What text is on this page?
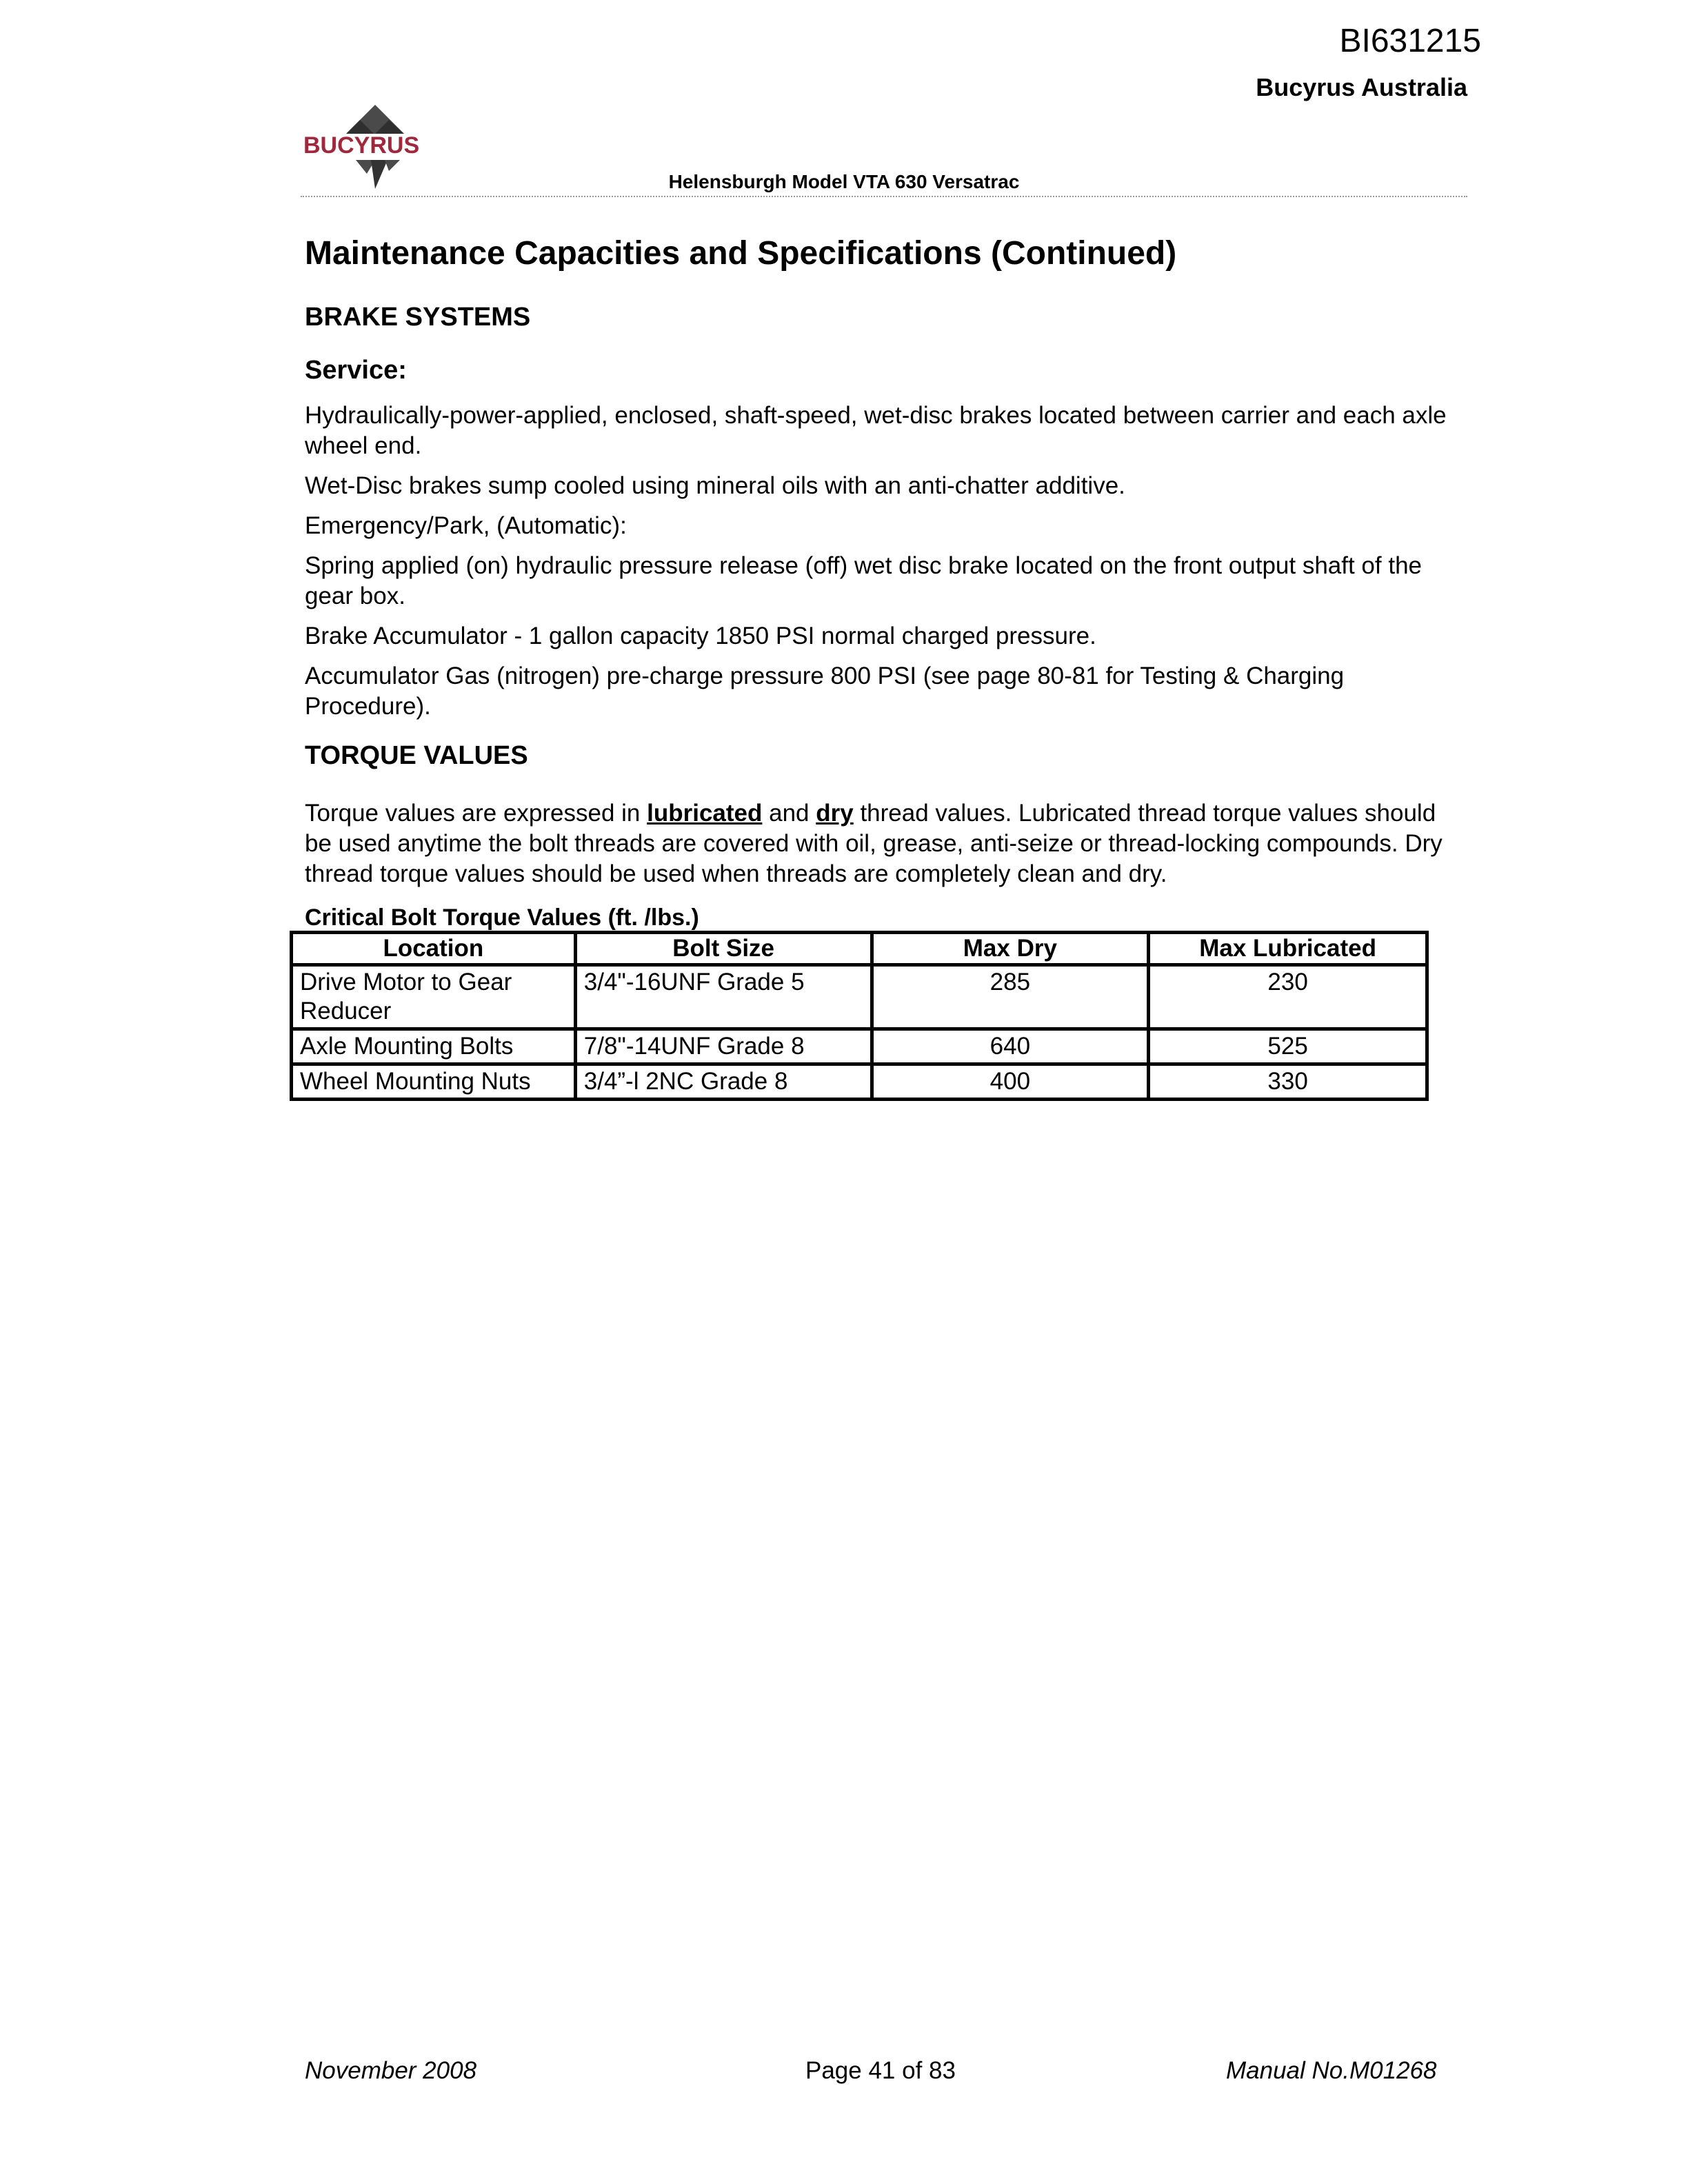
BI631215
Bucyrus Australia
BUCYRUS
Helensburgh Model VTA 630 Versatrac
Maintenance Capacities and Specifications (Continued)
BRAKE SYSTEMS
Service:

Hydraulically-power-applied, enclosed, shaft-speed, wet-disc brakes located between carrier and each axle wheel end.

Wet-Disc brakes sump cooled using mineral oils with an anti-chatter additive.

Emergency/Park, (Automatic):

Spring applied (on) hydraulic pressure release (off) wet disc brake located on the front output shaft of the gear box.

Brake Accumulator - 1 gallon capacity 1850 PSI normal charged pressure.

Accumulator Gas (nitrogen) pre-charge pressure 800 PSI (see page 80-81 for Testing & Charging Procedure).

TORQUE VALUES

Torque values are expressed in lubricated and dry thread values. Lubricated thread torque values should be used anytime the bolt threads are covered with oil, grease, anti-seize or thread-locking compounds. Dry thread torque values should be used when threads are completely clean and dry.

Critical Bolt Torque Values (ft. /lbs.)
Location	Bolt Size	Max Dry	Max Lubricated
Drive Motor to Gear Reducer	3/4"-16UNF Grade 5	285	230
Axle Mounting Bolts	7/8"-14UNF Grade 8	640	525
Wheel Mounting Nuts	3/4”-l 2NC Grade 8	400	330
November 2008	Page 41 of 83	Manual No.M01268
